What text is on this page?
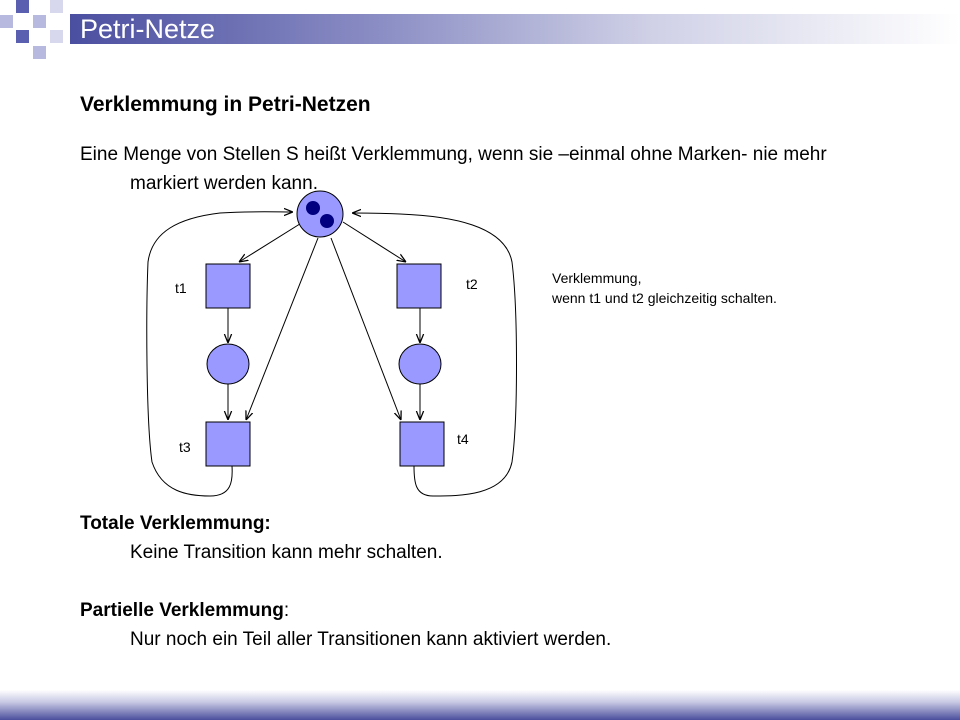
Petri-Netze
Verklemmung in Petri-Netzen

Eine Menge von Stellen S heißt Verklemmung, wenn sie –einmal ohne Marken- nie mehr markiert werden kann.

t1	t2
t3	t4

Verklemmung,
wenn t1 und t2 gleichzeitig schalten.

Totale Verklemmung:

Keine Transition kann mehr schalten.

Partielle Verklemmung:

Nur noch ein Teil aller Transitionen kann aktiviert werden.
